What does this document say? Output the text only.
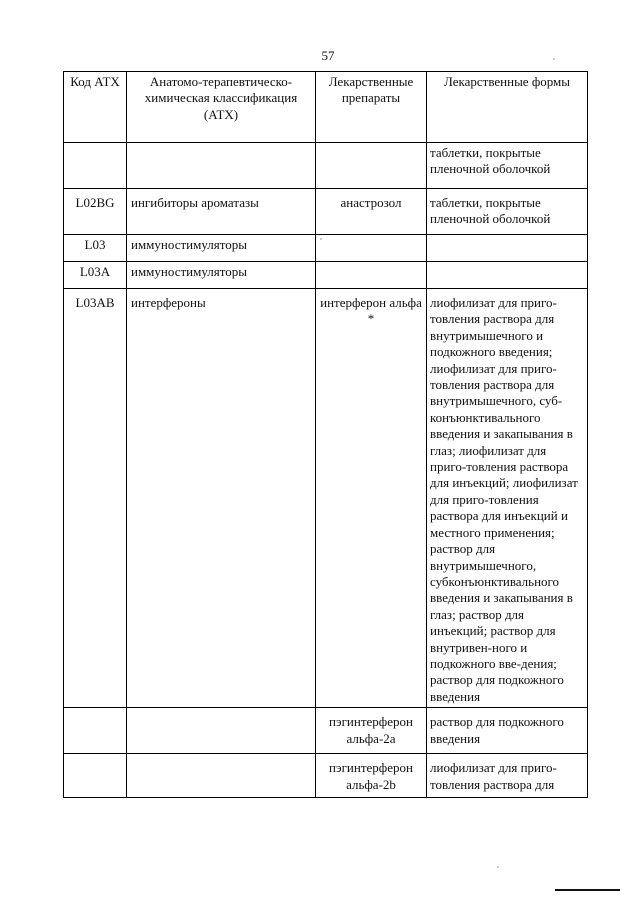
57
Код АТХ	Анатомо-терапевтическо-химическая классификация (АТХ)	Лекарственные препараты	Лекарственные формы
			таблетки, покрытые пленочной оболочкой
L02BG	ингибиторы ароматазы	анастрозол	таблетки, покрытые пленочной оболочкой
L03	иммуностимуляторы		
L03A	иммуностимуляторы		
L03AB	интерфероны	интерферон альфа *	лиофилизат для приго-товления раствора для внутримышечного и подкожного введения; лиофилизат для приго-товления раствора для внутримышечного, суб-конъюнктивального введения и закапывания в глаз; лиофилизат для приго-товления раствора для инъекций; лиофилизат для приго-товления раствора для инъекций и местного применения; раствор для внутримышечного, субконъюнктивального введения и закапывания в глаз; раствор для инъекций; раствор для внутривен-ного и подкожного вве-дения; раствор для подкожного введения
		пэгинтерферон альфа-2a	раствор для подкожного введения
		пэгинтерферон альфа-2b	лиофилизат для приго-товления раствора для
